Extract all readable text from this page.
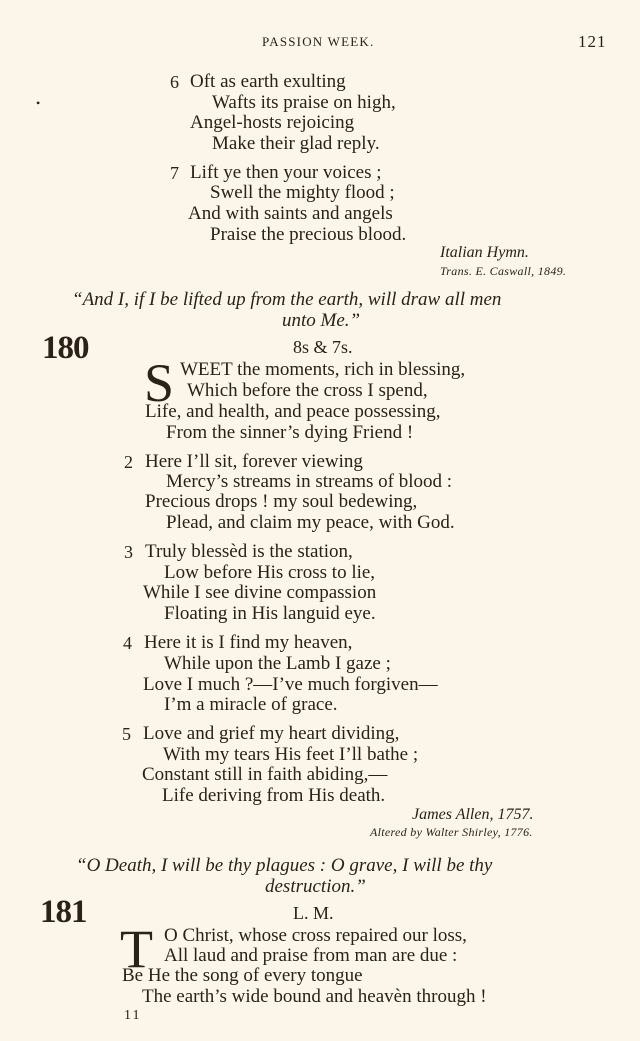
PASSION WEEK.	121
•
6 Oft as earth exulting
Wafts its praise on high,
Angel-hosts rejoicing
Make their glad reply.
7 Lift ye then your voices ;
Swell the mighty flood ;
And with saints and angels
Praise the precious blood.
Italian Hymn.
Trans. E. Caswall, 1849.
“And I, if I be lifted up from the earth, will draw all men
unto Me.”
180	8s & 7s.
S WEET the moments, rich in blessing,
Which before the cross I spend,
Life, and health, and peace possessing,
From the sinner’s dying Friend !
2 Here I’ll sit, forever viewing
Mercy’s streams in streams of blood :
Precious drops ! my soul bedewing,
Plead, and claim my peace, with God.
3 Truly blessèd is the station,
Low before His cross to lie,
While I see divine compassion
Floating in His languid eye.
4 Here it is I find my heaven,
While upon the Lamb I gaze ;
Love I much ?—I’ve much forgiven—
I’m a miracle of grace.
5 Love and grief my heart dividing,
With my tears His feet I’ll bathe ;
Constant still in faith abiding,—
Life deriving from His death.
James Allen, 1757.
Altered by Walter Shirley, 1776.
“O Death, I will be thy plagues : O grave, I will be thy
destruction.”
181	L. M.
T O Christ, whose cross repaired our loss,
All laud and praise from man are due :
Be He the song of every tongue
The earth’s wide bound and heavèn through !
11
